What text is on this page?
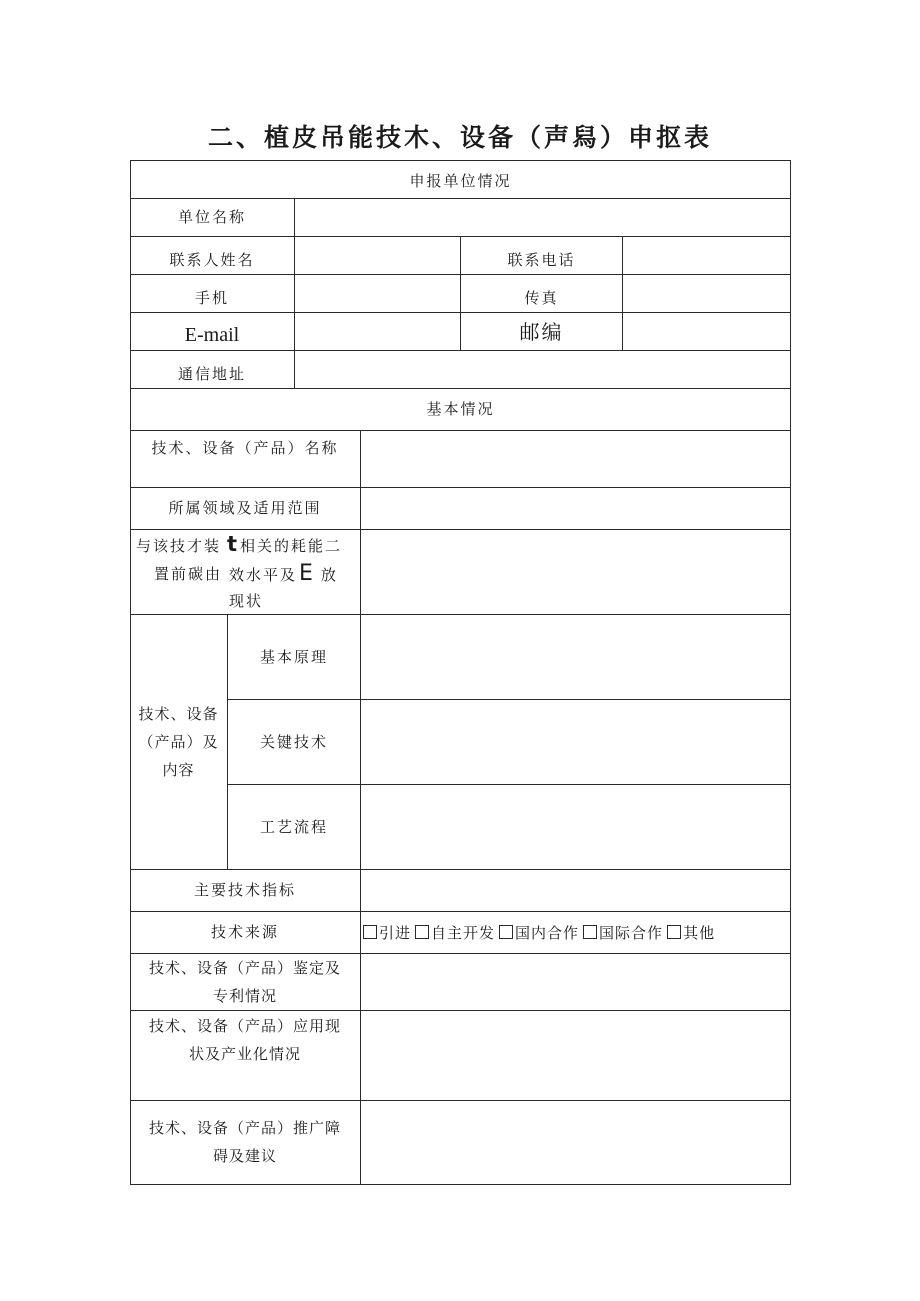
二、植皮吊能技木、设备（声舄）申抠表
申报单位情况
单位名称
联系人姓名	联系电话
手机	传真
E-mail	邮编
通信地址
基本情况
技术、设备（产品）名称
所属领域及适用范围
与该技才装
置前碳由
t 相关的耗能二
效水平及E 放
现状
技术、设备
（产品）及
内容
基本原理
关键技术
工艺流程
主要技术指标
技术来源	引进 自主开发 国内合作 国际合作 其他
技术、设备（产品）鉴定及
专利情况
技术、设备（产品）应用现
状及产业化情况
技术、设备（产品）推广障
碍及建议
